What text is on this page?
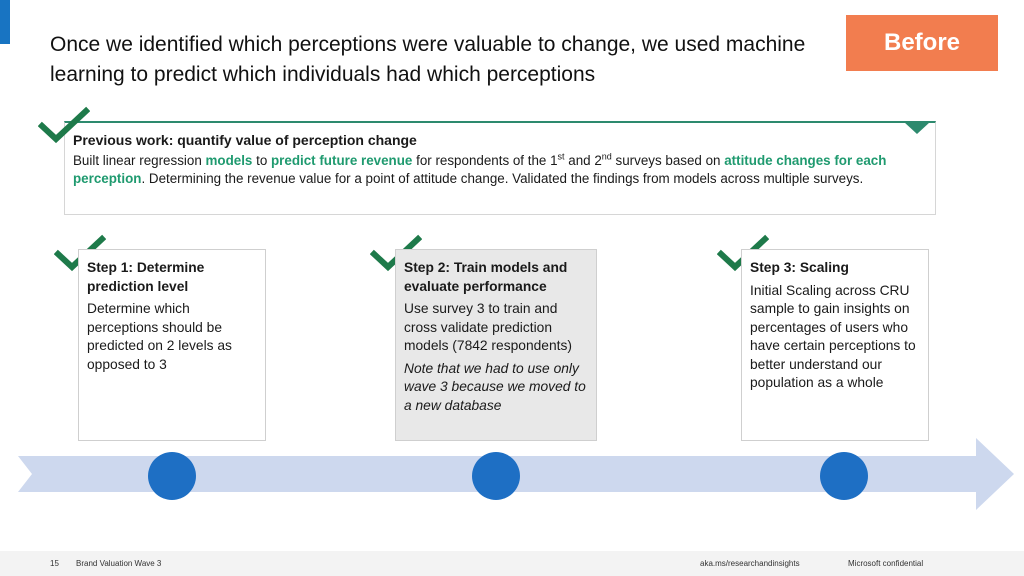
Once we identified which perceptions were valuable to change, we used machine
learning to predict which individuals had which perceptions
Before
Previous work: quantify value of perception change
Built linear regression models to predict future revenue for respondents of the 1st and 2nd surveys based on attitude changes for each perception. Determining the revenue value for a point of attitude change. Validated the findings from models across multiple surveys.
Step 1: Determine prediction level
Determine which perceptions should be predicted on 2 levels as opposed to 3
Step 2: Train models and evaluate performance
Use survey 3 to train and cross validate prediction models (7842 respondents)
Note that we had to use only wave 3 because we moved to a new database
Step 3: Scaling
Initial Scaling across CRU sample to gain insights on percentages of users who have certain perceptions to better understand our population as a whole
15 Brand Valuation Wave 3	aka.ms/researchandinsights	Microsoft confidential
